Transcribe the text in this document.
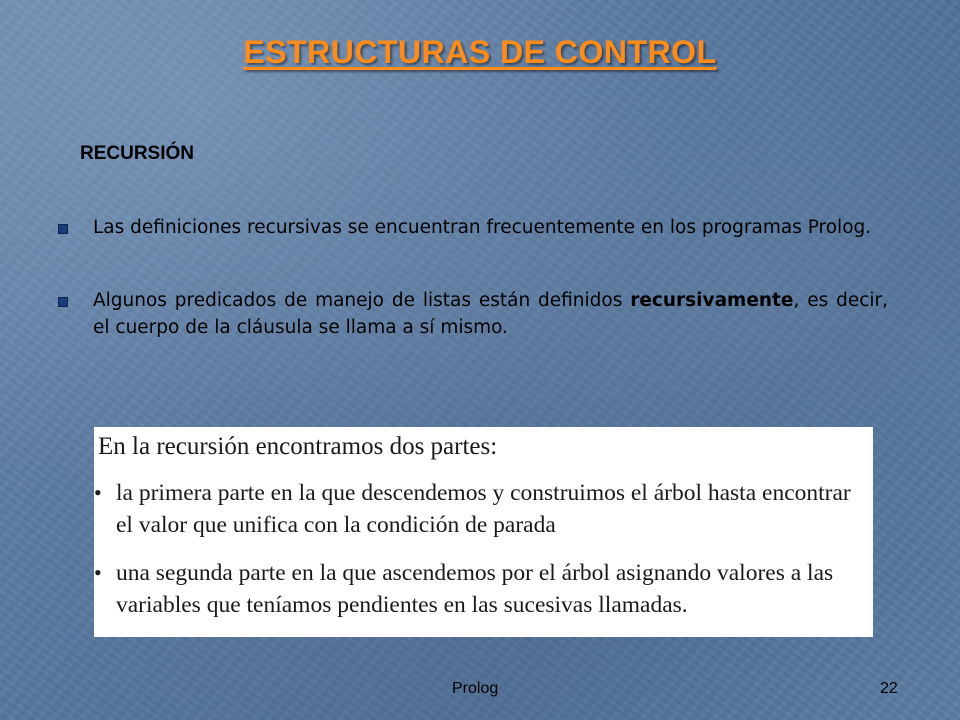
ESTRUCTURAS DE CONTROL
RECURSIÓN
Las definiciones recursivas se encuentran frecuentemente en los programas Prolog.
Algunos predicados de manejo de listas están definidos recursivamente, es decir, el cuerpo de la cláusula se llama a sí mismo.
En la recursión encontramos dos partes:
• la primera parte en la que descendemos y construimos el árbol hasta encontrar el valor que unifica con la condición de parada
• una segunda parte en la que ascendemos por el árbol asignando valores a las variables que teníamos pendientes en las sucesivas llamadas.
Prolog	22
